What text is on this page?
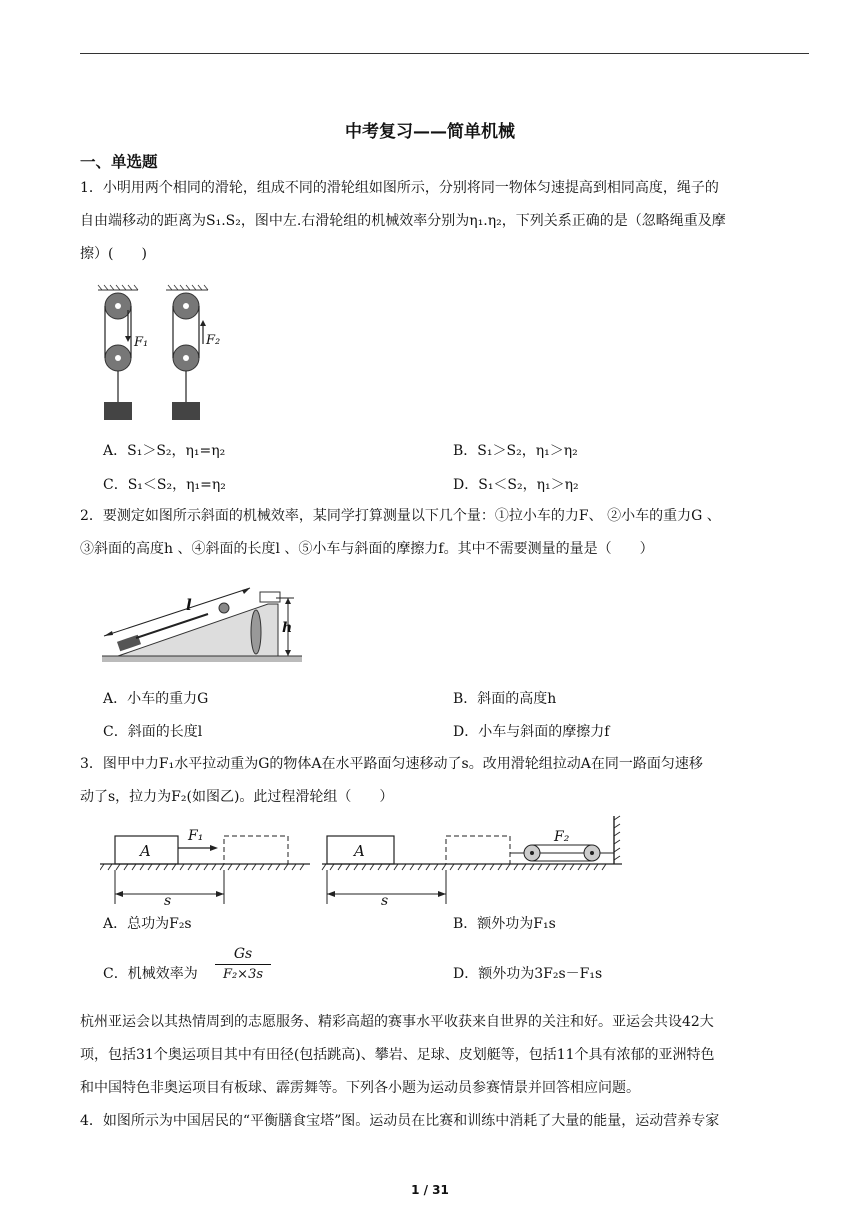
中考复习——简单机械
一、单选题

1．小明用两个相同的滑轮，组成不同的滑轮组如图所示，分别将同一物体匀速提高到相同高度，绳子的

自由端移动的距离为S₁.S₂，图中左.右滑轮组的机械效率分别为η₁.η₂，下列关系正确的是（忽略绳重及摩

擦）(　　)

F₁	F₂
A．S₁＞S₂，η₁=η₂	B．S₁＞S₂，η₁＞η₂
C．S₁＜S₂，η₁=η₂	D．S₁＜S₂，η₁＞η₂

2．要测定如图所示斜面的机械效率，某同学打算测量以下几个量：①拉小车的力F、 ②小车的重力G 、

③斜面的高度h 、④斜面的长度l 、⑤小车与斜面的摩擦力f。其中不需要测量的量是（　　）

l
h
A．小车的重力G	B．斜面的高度h
C．斜面的长度l	D．小车与斜面的摩擦力f

3．图甲中力F₁水平拉动重为G的物体A在水平路面匀速移动了s。改用滑轮组拉动A在同一路面匀速移

动了s，拉力为F₂(如图乙)。此过程滑轮组（　　）

A
F₁
s
F₂
A
s
A．总功为F₂s	B．额外功为F₁s
C．机械效率为 $\frac{Gs}{\text{F₂×3s}}$	D．额外功为3F₂s－F₁s

杭州亚运会以其热情周到的志愿服务、精彩高超的赛事水平收获来自世界的关注和好。亚运会共设42大

项，包括31个奥运项目其中有田径(包括跳高)、攀岩、足球、皮划艇等，包括11个具有浓郁的亚洲特色

和中国特色非奥运项目有板球、霹雳舞等。下列各小题为运动员参赛情景并回答相应问题。

4．如图所示为中国居民的“平衡膳食宝塔”图。运动员在比赛和训练中消耗了大量的能量，运动营养专家

1 / 31
